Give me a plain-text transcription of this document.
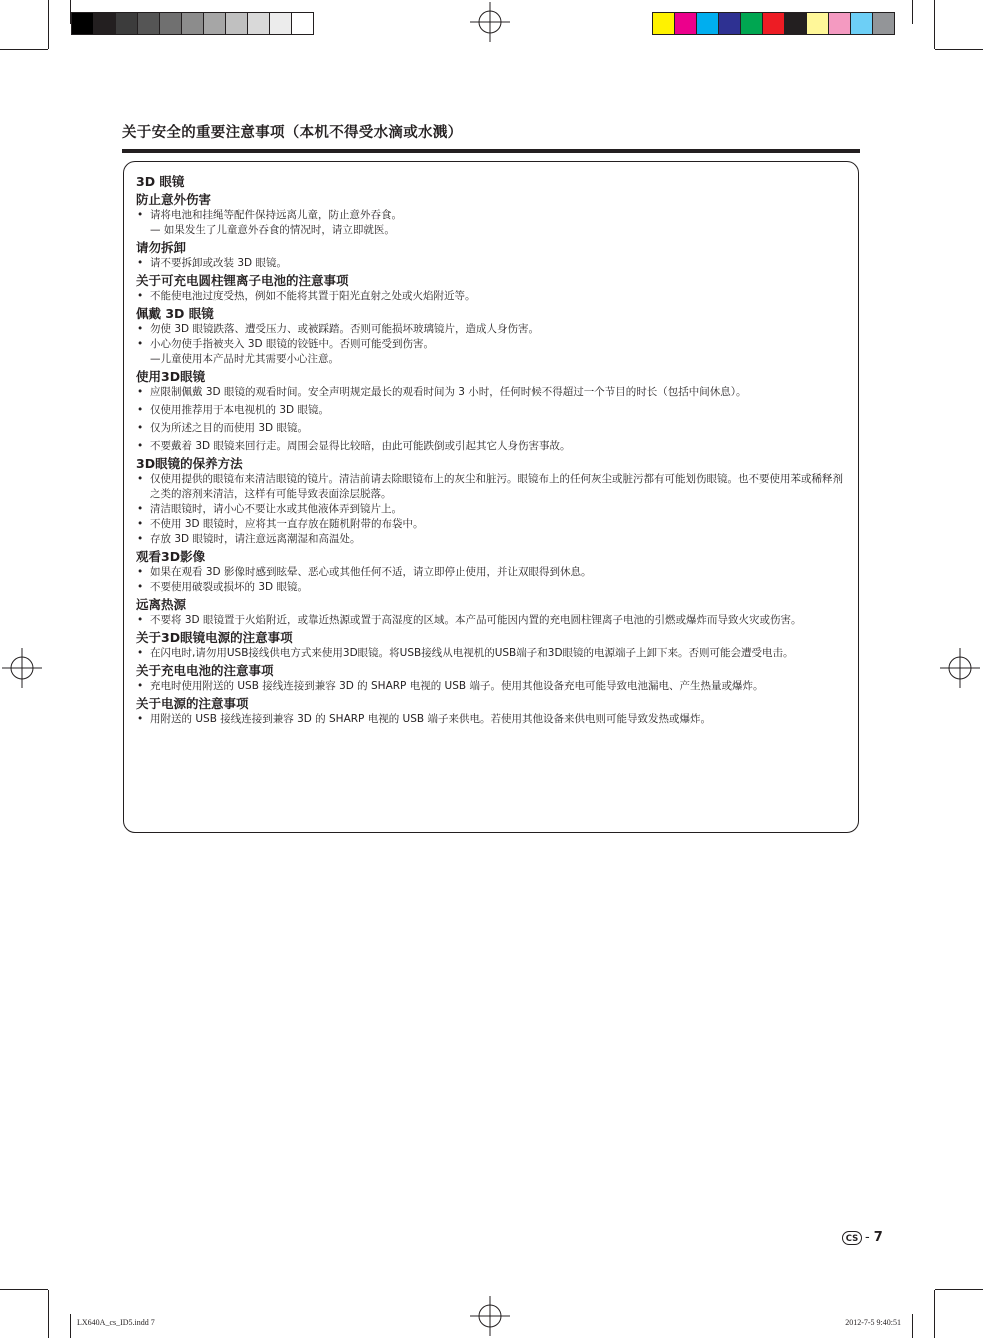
关于安全的重要注意事项（本机不得受水滴或水溅）
3D 眼镜
防止意外伤害
• 请将电池和挂绳等配件保持远离儿童，防止意外吞食。
— 如果发生了儿童意外吞食的情况时，请立即就医。
请勿拆卸
• 请不要拆卸或改装 3D 眼镜。
关于可充电圆柱锂离子电池的注意事项
• 不能使电池过度受热，例如不能将其置于阳光直射之处或火焰附近等。
佩戴 3D 眼镜
• 勿使 3D 眼镜跌落、遭受压力、或被踩踏。否则可能损坏玻璃镜片，造成人身伤害。
• 小心勿使手指被夹入 3D 眼镜的铰链中。否则可能受到伤害。
—儿童使用本产品时尤其需要小心注意。
使用3D眼镜
• 应限制佩戴 3D 眼镜的观看时间。安全声明规定最长的观看时间为 3 小时，任何时候不得超过一个节目的时长（包括中间休息）。
• 仅使用推荐用于本电视机的 3D 眼镜。
• 仅为所述之目的而使用 3D 眼镜。
• 不要戴着 3D 眼镜来回行走。周围会显得比较暗，由此可能跌倒或引起其它人身伤害事故。
3D眼镜的保养方法
• 仅使用提供的眼镜布来清洁眼镜的镜片。清洁前请去除眼镜布上的灰尘和脏污。眼镜布上的任何灰尘或脏污都有可能划伤眼镜。也不要使用苯或稀释剂之类的溶剂来清洁，这样有可能导致表面涂层脱落。
• 清洁眼镜时，请小心不要让水或其他液体弄到镜片上。
• 不使用 3D 眼镜时，应将其一直存放在随机附带的布袋中。
• 存放 3D 眼镜时，请注意远离潮湿和高温处。
观看3D影像
• 如果在观看 3D 影像时感到眩晕、恶心或其他任何不适，请立即停止使用，并让双眼得到休息。
• 不要使用破裂或损坏的 3D 眼镜。
远离热源
• 不要将 3D 眼镜置于火焰附近，或靠近热源或置于高湿度的区域。本产品可能因内置的充电圆柱锂离子电池的引燃或爆炸而导致火灾或伤害。
关于3D眼镜电源的注意事项
• 在闪电时,请勿用USB接线供电方式来使用3D眼镜。将USB接线从电视机的USB端子和3D眼镜的电源端子上卸下来。否则可能会遭受电击。
关于充电电池的注意事项
• 充电时使用附送的 USB 接线连接到兼容 3D 的 SHARP 电视的 USB 端子。使用其他设备充电可能导致电池漏电、产生热量或爆炸。
关于电源的注意事项
• 用附送的 USB 接线连接到兼容 3D 的 SHARP 电视的 USB 端子来供电。若使用其他设备来供电则可能导致发热或爆炸。
CS - 7
LX640A_cs_ID5.indd 7	2012-7-5 9:40:51
